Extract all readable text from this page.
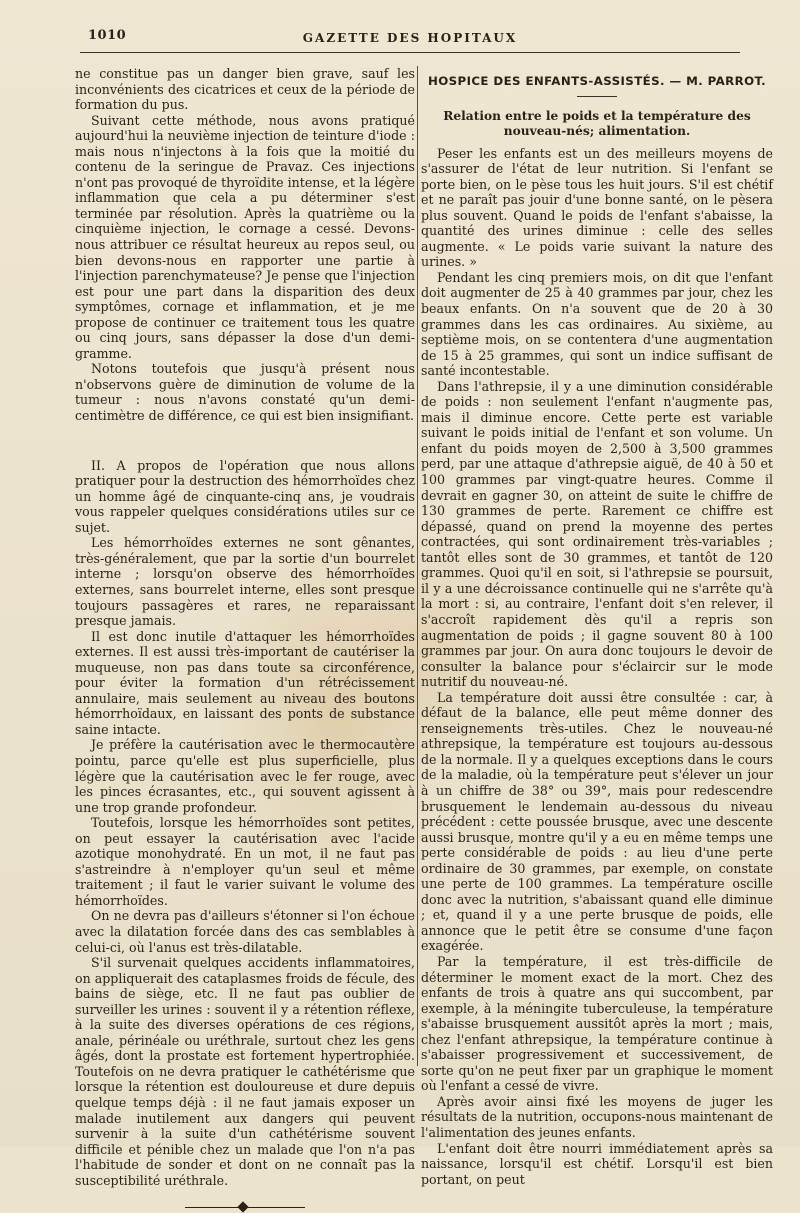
1010	GAZETTE DES HOPITAUX

ne constitue pas un danger bien grave, sauf les inconvénients des cicatrices et ceux de la période de formation du pus.

Suivant cette méthode, nous avons pratiqué aujourd'hui la neuvième injection de teinture d'iode : mais nous n'injectons à la fois que la moitié du contenu de la seringue de Pravaz. Ces injections n'ont pas provoqué de thyroïdite intense, et la légère inflammation que cela a pu déterminer s'est terminée par résolution. Après la quatrième ou la cinquième injection, le cornage a cessé. Devons-nous attribuer ce résultat heureux au repos seul, ou bien devons-nous en rapporter une partie à l'injection parenchymateuse? Je pense que l'injection est pour une part dans la disparition des deux symptômes, cornage et inflammation, et je me propose de continuer ce traitement tous les quatre ou cinq jours, sans dépasser la dose d'un demi-gramme.

Notons toutefois que jusqu'à présent nous n'observons guère de diminution de volume de la tumeur : nous n'avons constaté qu'un demi-centimètre de différence, ce qui est bien insignifiant.

II. A propos de l'opération que nous allons pratiquer pour la destruction des hémorrhoïdes chez un homme âgé de cinquante-cinq ans, je voudrais vous rappeler quelques considérations utiles sur ce sujet.

Les hémorrhoïdes externes ne sont gênantes, très-généralement, que par la sortie d'un bourrelet interne ; lorsqu'on observe des hémorrhoïdes externes, sans bourrelet interne, elles sont presque toujours passagères et rares, ne reparaissant presque jamais.

Il est donc inutile d'attaquer les hémorrhoïdes externes. Il est aussi très-important de cautériser la muqueuse, non pas dans toute sa circonférence, pour éviter la formation d'un rétrécissement annulaire, mais seulement au niveau des boutons hémorrhoïdaux, en laissant des ponts de substance saine intacte.

Je préfère la cautérisation avec le thermocautère pointu, parce qu'elle est plus superficielle, plus légère que la cautérisation avec le fer rouge, avec les pinces écrasantes, etc., qui souvent agissent à une trop grande profondeur.

Toutefois, lorsque les hémorrhoïdes sont petites, on peut essayer la cautérisation avec l'acide azotique monohydraté. En un mot, il ne faut pas s'astreindre à n'employer qu'un seul et même traitement ; il faut le varier suivant le volume des hémorrhoïdes.

On ne devra pas d'ailleurs s'étonner si l'on échoue avec la dilatation forcée dans des cas semblables à celui-ci, où l'anus est très-dilatable.

S'il survenait quelques accidents inflammatoires, on appliquerait des cataplasmes froids de fécule, des bains de siège, etc. Il ne faut pas oublier de surveiller les urines : souvent il y a rétention réflexe, à la suite des diverses opérations de ces régions, anale, périnéale ou uréthrale, surtout chez les gens âgés, dont la prostate est fortement hypertrophiée. Toutefois on ne devra pratiquer le cathétérisme que lorsque la rétention est douloureuse et dure depuis quelque temps déjà : il ne faut jamais exposer un malade inutilement aux dangers qui peuvent survenir à la suite d'un cathétérisme souvent difficile et pénible chez un malade que l'on n'a pas l'habitude de sonder et dont on ne connaît pas la susceptibilité uréthrale.

HOSPICE DES ENFANTS-ASSISTÉS. — M. PARROT.
Relation entre le poids et la température des nouveau-nés; alimentation.

Peser les enfants est un des meilleurs moyens de s'assurer de l'état de leur nutrition. Si l'enfant se porte bien, on le pèse tous les huit jours. S'il est chétif et ne paraît pas jouir d'une bonne santé, on le pèsera plus souvent. Quand le poids de l'enfant s'abaisse, la quantité des urines diminue : celle des selles augmente. « Le poids varie suivant la nature des urines. »

Pendant les cinq premiers mois, on dit que l'enfant doit augmenter de 25 à 40 grammes par jour, chez les beaux enfants. On n'a souvent que de 20 à 30 grammes dans les cas ordinaires. Au sixième, au septième mois, on se contentera d'une augmentation de 15 à 25 grammes, qui sont un indice suffisant de santé incontestable.

Dans l'athrepsie, il y a une diminution considérable de poids : non seulement l'enfant n'augmente pas, mais il diminue encore. Cette perte est variable suivant le poids initial de l'enfant et son volume. Un enfant du poids moyen de 2,500 à 3,500 grammes perd, par une attaque d'athrepsie aiguë, de 40 à 50 et 100 grammes par vingt-quatre heures. Comme il devrait en gagner 30, on atteint de suite le chiffre de 130 grammes de perte. Rarement ce chiffre est dépassé, quand on prend la moyenne des pertes contractées, qui sont ordinairement très-variables ; tantôt elles sont de 30 grammes, et tantôt de 120 grammes. Quoi qu'il en soit, si l'athrepsie se poursuit, il y a une décroissance continuelle qui ne s'arrête qu'à la mort : si, au contraire, l'enfant doit s'en relever, il s'accroît rapidement dès qu'il a repris son augmentation de poids ; il gagne souvent 80 à 100 grammes par jour. On aura donc toujours le devoir de consulter la balance pour s'éclaircir sur le mode nutritif du nouveau-né.

La température doit aussi être consultée : car, à défaut de la balance, elle peut même donner des renseignements très-utiles. Chez le nouveau-né athrepsique, la température est toujours au-dessous de la normale. Il y a quelques exceptions dans le cours de la maladie, où la température peut s'élever un jour à un chiffre de 38° ou 39°, mais pour redescendre brusquement le lendemain au-dessous du niveau précédent : cette poussée brusque, avec une descente aussi brusque, montre qu'il y a eu en même temps une perte considérable de poids : au lieu d'une perte ordinaire de 30 grammes, par exemple, on constate une perte de 100 grammes. La température oscille donc avec la nutrition, s'abaissant quand elle diminue ; et, quand il y a une perte brusque de poids, elle annonce que le petit être se consume d'une façon exagérée.

Par la température, il est très-difficile de déterminer le moment exact de la mort. Chez des enfants de trois à quatre ans qui succombent, par exemple, à la méningite tuberculeuse, la température s'abaisse brusquement aussitôt après la mort ; mais, chez l'enfant athrepsique, la température continue à s'abaisser progressivement et successivement, de sorte qu'on ne peut fixer par un graphique le moment où l'enfant a cessé de vivre.

Après avoir ainsi fixé les moyens de juger les résultats de la nutrition, occupons-nous maintenant de l'alimentation des jeunes enfants.

L'enfant doit être nourri immédiatement après sa naissance, lorsqu'il est chétif. Lorsqu'il est bien portant, on peut
